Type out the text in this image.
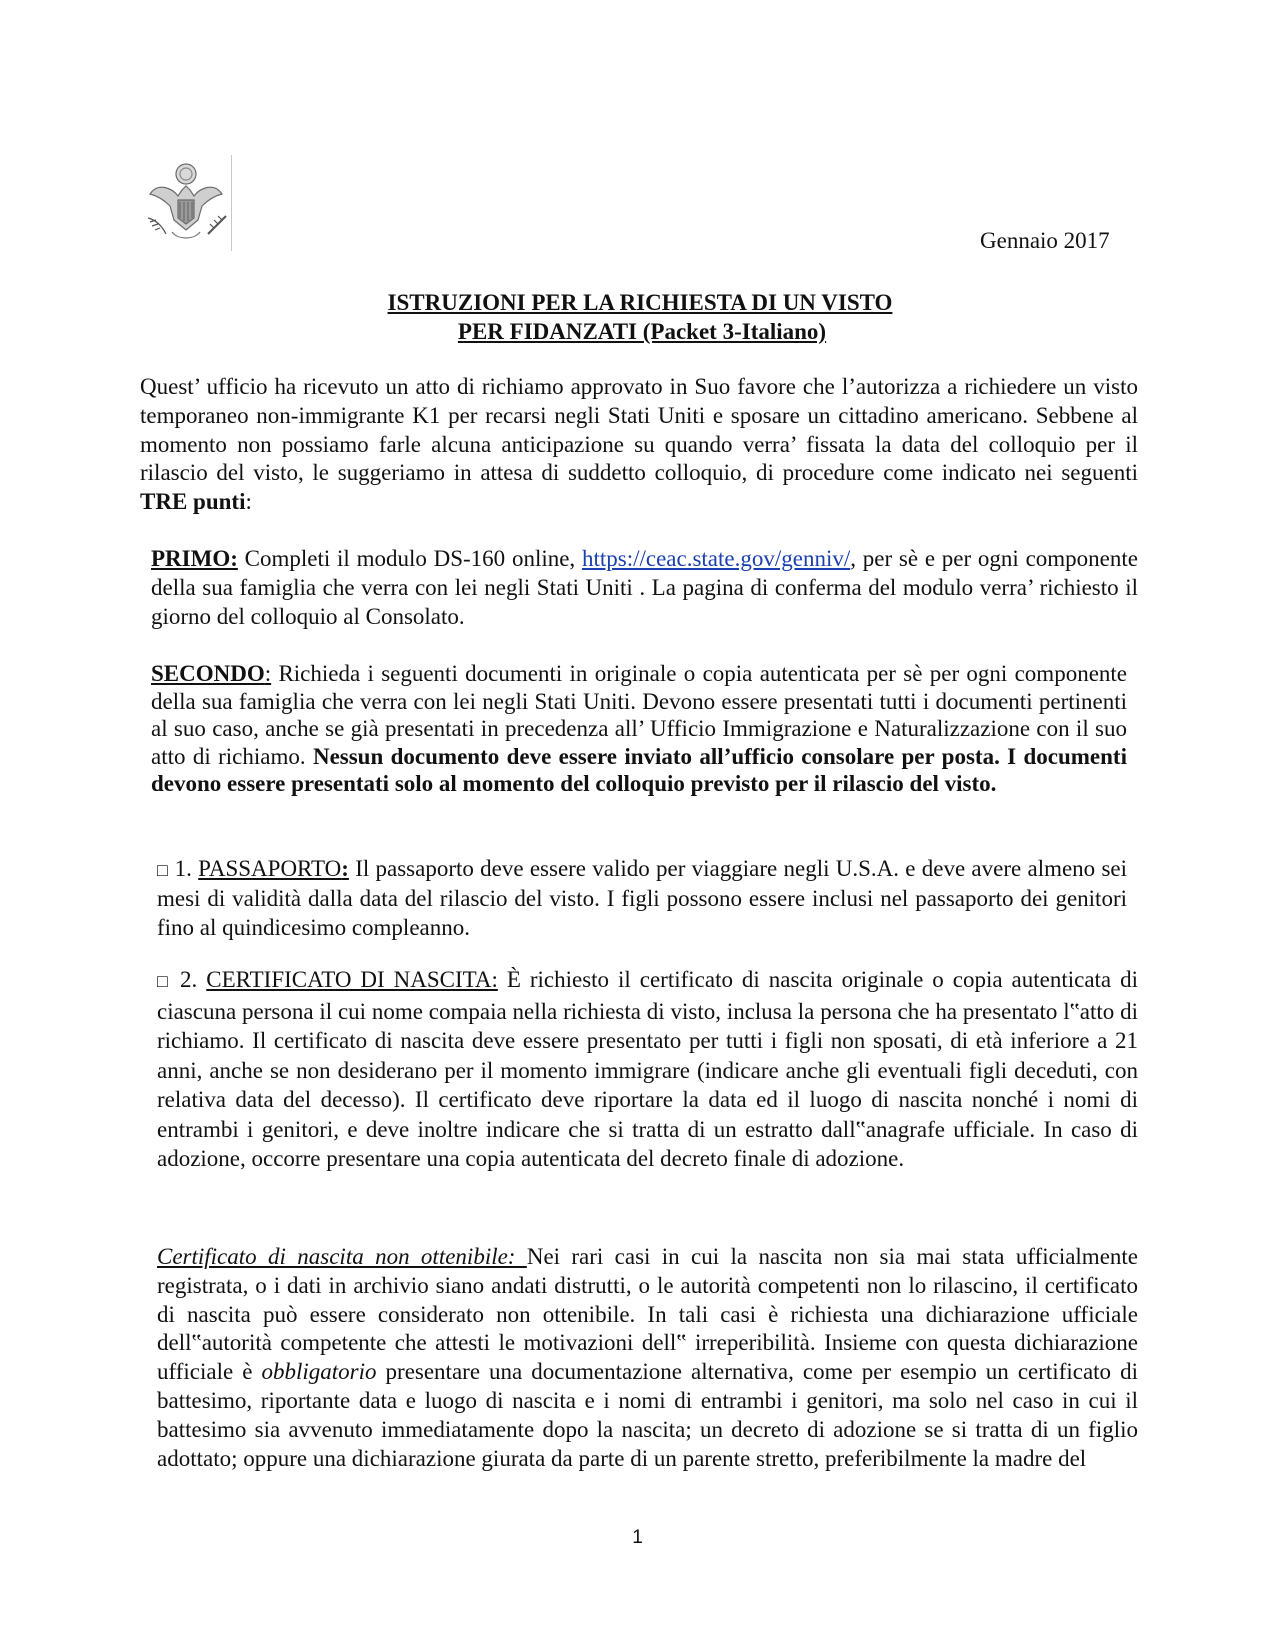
Gennaio 2017
ISTRUZIONI PER LA RICHIESTA DI UN VISTO
PER FIDANZATI (Packet 3-Italiano)

Quest’ ufficio ha ricevuto un atto di richiamo approvato in Suo favore che l’autorizza a richiedere un visto temporaneo non-immigrante K1 per recarsi negli Stati Uniti e sposare un cittadino americano. Sebbene al momento non possiamo farle alcuna anticipazione su quando verra’ fissata la data del colloquio per il rilascio del visto, le suggeriamo in attesa di suddetto colloquio, di procedure come indicato nei seguenti TRE punti:

PRIMO: Completi il modulo DS-160 online, https://ceac.state.gov/genniv/, per sè e per ogni componente della sua famiglia che verra con lei negli Stati Uniti . La pagina di conferma del modulo verra’ richiesto il giorno del colloquio al Consolato.

SECONDO: Richieda i seguenti documenti in originale o copia autenticata per sè per ogni componente della sua famiglia che verra con lei negli Stati Uniti. Devono essere presentati tutti i documenti pertinenti al suo caso, anche se già presentati in precedenza all’ Ufficio Immigrazione e Naturalizzazione con il suo atto di richiamo. Nessun documento deve essere inviato all’ufficio consolare per posta. I documenti devono essere presentati solo al momento del colloquio previsto per il rilascio del visto.

□ 1. PASSAPORTO: Il passaporto deve essere valido per viaggiare negli U.S.A. e deve avere almeno sei mesi di validità dalla data del rilascio del visto. I figli possono essere inclusi nel passaporto dei genitori fino al quindicesimo compleanno.

□ 2. CERTIFICATO DI NASCITA: È richiesto il certificato di nascita originale o copia autenticata di ciascuna persona il cui nome compaia nella richiesta di visto, inclusa la persona che ha presentato l‟atto di richiamo. Il certificato di nascita deve essere presentato per tutti i figli non sposati, di età inferiore a 21 anni, anche se non desiderano per il momento immigrare (indicare anche gli eventuali figli deceduti, con relativa data del decesso). Il certificato deve riportare la data ed il luogo di nascita nonché i nomi di entrambi i genitori, e deve inoltre indicare che si tratta di un estratto dall‟anagrafe ufficiale. In caso di adozione, occorre presentare una copia autenticata del decreto finale di adozione.

Certificato di nascita non ottenibile: Nei rari casi in cui la nascita non sia mai stata ufficialmente registrata, o i dati in archivio siano andati distrutti, o le autorità competenti non lo rilascino, il certificato di nascita può essere considerato non ottenibile. In tali casi è richiesta una dichiarazione ufficiale dell‟autorità competente che attesti le motivazioni dell‟ irreperibilità. Insieme con questa dichiarazione ufficiale è obbligatorio presentare una documentazione alternativa, come per esempio un certificato di battesimo, riportante data e luogo di nascita e i nomi di entrambi i genitori, ma solo nel caso in cui il battesimo sia avvenuto immediatamente dopo la nascita; un decreto di adozione se si tratta di un figlio adottato; oppure una dichiarazione giurata da parte di un parente stretto, preferibilmente la madre del

1
